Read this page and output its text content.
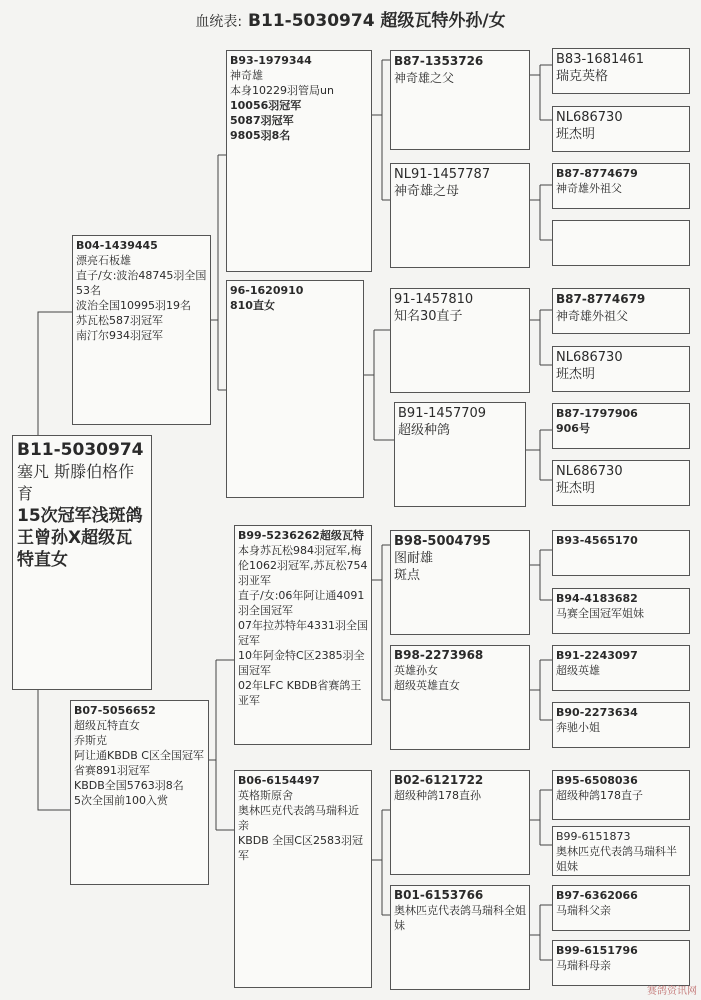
血统表: B11-5030974 超级瓦特外孙/女
B11-5030974
塞凡 斯滕伯格作育
15次冠军浅斑鸽王曾孙X超级瓦特直女
B04-1439445
漂亮石板雄
直子/女:波治48745羽全国53名
波治全国10995羽19名
苏瓦松587羽冠军
南汀尔934羽冠军
B07-5056652
超级瓦特直女
乔斯克
阿让通KBDB C区全国冠军
省赛891羽冠军
KBDB全国5763羽8名
5次全国前100入赏
B93-1979344
神奇雄
本身10229羽管局un
10056羽冠军
5087羽冠军
9805羽8名
96-1620910
810直女
B99-5236262超级瓦特
本身苏瓦松984羽冠军,梅伦1062羽冠军,苏瓦松754羽亚军
直子/女:06年阿让通4091羽全国冠军
07年拉苏特年4331羽全国冠军
10年阿金特C区2385羽全国冠军
02年LFC KBDB省赛鸽王亚军
B06-6154497
英格斯原舍
奥林匹克代表鸽马瑞科近亲
KBDB 全国C区2583羽冠军
B87-1353726
神奇雄之父
NL91-1457787
神奇雄之母
91-1457810
知名30直子
B91-1457709
超级种鸽
B98-5004795
图耐雄
斑点
B98-2273968
英雄孙女
超级英雄直女
B02-6121722
超级种鸽178直孙
B01-6153766
奥林匹克代表鸽马瑞科全姐妹
B83-1681461
瑞克英格
NL686730
班杰明
B87-8774679
神奇雄外祖父
B87-8774679
神奇雄外祖父
NL686730
班杰明
B87-1797906
906号
NL686730
班杰明
B93-4565170
B94-4183682
马赛全国冠军姐妹
B91-2243097
超级英雄
B90-2273634
奔驰小姐
B95-6508036
超级种鸽178直子
B99-6151873
奥林匹克代表鸽马瑞科半姐妹
B97-6362066
马瑞科父亲
B99-6151796
马瑞科母亲
赛鸽资讯网
